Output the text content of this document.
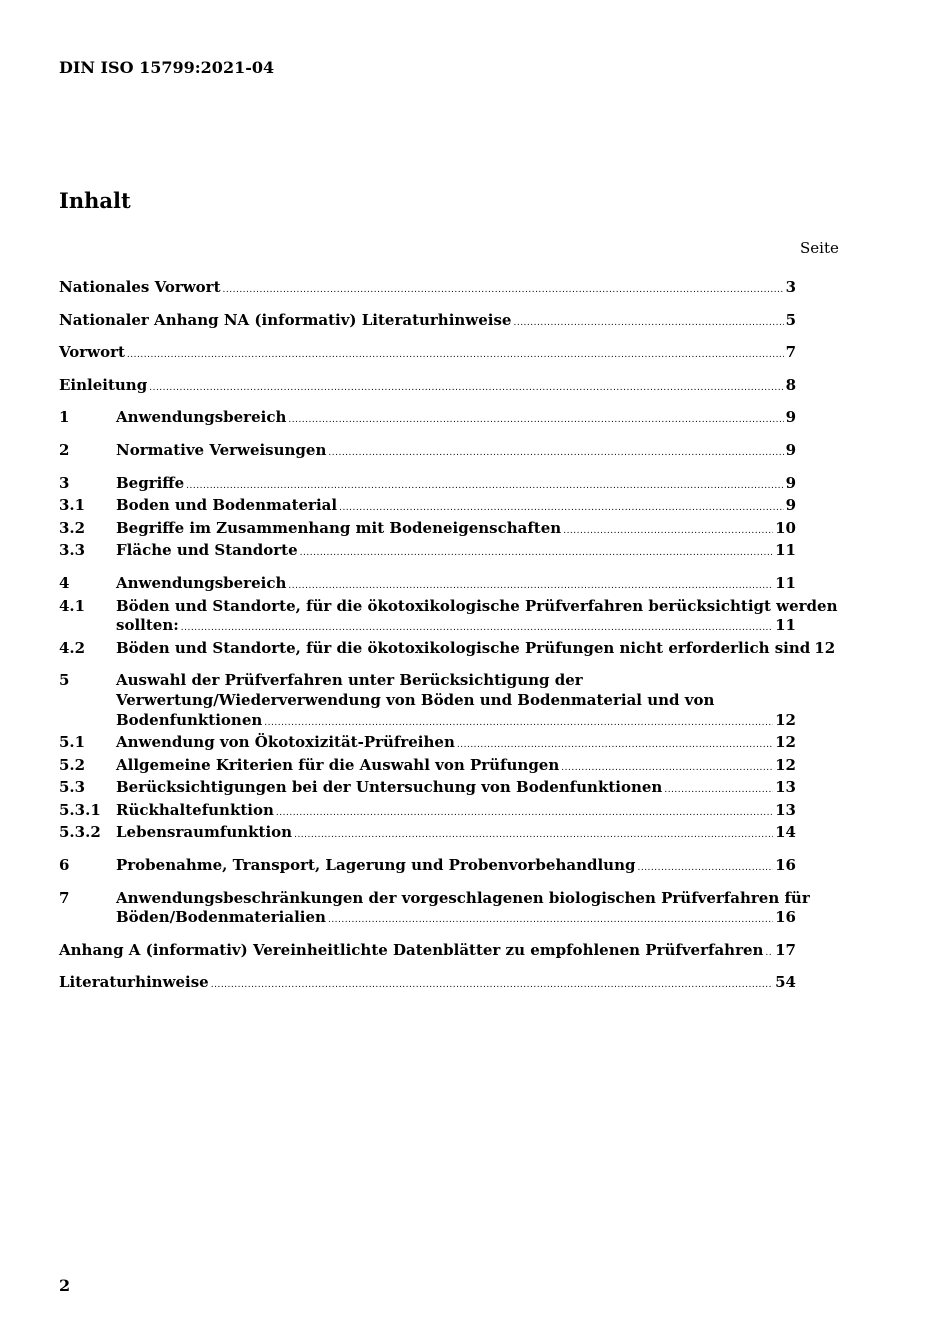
DIN ISO 15799:2021-04
Inhalt
Seite
Nationales Vorwort .....	3
Nationaler Anhang NA (informativ) Literaturhinweise .....	5
Vorwort .....	7
Einleitung .....	8
1	Anwendungsbereich .....	9
2	Normative Verweisungen .....	9
3	Begriffe .....	9
3.1	Boden und Bodenmaterial .....	9
3.2	Begriffe im Zusammenhang mit Bodeneigenschaften .....	10
3.3	Fläche und Standorte .....	11
4	Anwendungsbereich .....	11
4.1	Böden und Standorte, für die ökotoxikologische Prüfverfahren berücksichtigt werden
sollten: .....	11
4.2	Böden und Standorte, für die ökotoxikologische Prüfungen nicht erforderlich sind 12
5	Auswahl der Prüfverfahren unter Berücksichtigung der
Verwertung/Wiederverwendung von Böden und Bodenmaterial und von
Bodenfunktionen .....	12
5.1	Anwendung von Ökotoxizität-Prüfreihen .....	12
5.2	Allgemeine Kriterien für die Auswahl von Prüfungen .....	12
5.3	Berücksichtigungen bei der Untersuchung von Bodenfunktionen .....	13
5.3.1	Rückhaltefunktion .....	13
5.3.2	Lebensraumfunktion .....	14
6	Probenahme, Transport, Lagerung und Probenvorbehandlung .....	16
7	Anwendungsbeschränkungen der vorgeschlagenen biologischen Prüfverfahren für
Böden/Bodenmaterialien .....	16
Anhang A (informativ) Vereinheitlichte Datenblätter zu empfohlenen Prüfverfahren ..... 17
Literaturhinweise .....	54
2
